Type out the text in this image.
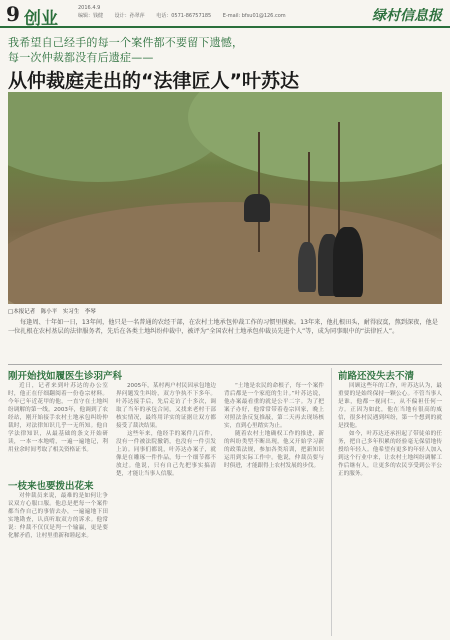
9 创业
2016.4.9
编辑：钱健 设计：孙翠萍 电话：0571-86757185 E-mail: bfsu01@126.com	绿村信息报
我希望自己经手的每一个案件都不要留下遗憾，
每一次仲裁都没有后遗症——
从仲裁庭走出的“法律匠人”叶苏达
□本报记者　陈小平　实习生　李琴
每逢周、十年如一日，13年间，他只是一名普通的农经干部，在农村土地承包仲裁工作的习惯里摸索。13年来，他扎根田头，耐得寂寞，熬到深夜，他是一位扎根在农村基层的法律服务者，先后在各类土地纠纷仲裁中，被评为“全国农村土地承包仲裁员先进个人”等，成为同事眼中的“法律匠人”。
刚开始找如履医生诊羽产科

近日，记者来到叶苏达的办公室时，他正在仔细翻阅着一份卷宗材料。今年已年近花甲的他，一直守在土地纠纷调解的第一线。2003年，他调到了农经站，刚开始接手农村土地承包纠纷仲裁时，对法律知识几乎一无所知。他自学法律知识，从最基础的条文开始研读，一本一本地啃，一遍一遍地记，利用业余时间考取了相关资格证书。

2005年，某村两户村民因承包地边界问题发生纠纷，双方争执不下多年。叶苏达接手后，先后走访了十多次，调取了当年的承包合同，又找来老村干部核实情况，最终用详实的证据让双方都接受了裁决结果。

这些年来，他经手的案件几百件，没有一件被法院撤销，也没有一件引发上访。同事们都说，叶苏达办案子，就像是在雕琢一件作品，每一个细节都不放过。他说，只有自己先把事实搞清楚，才能让当事人信服。

“土地是农民的命根子，每一个案件背后都是一个家庭的生计。”叶苏达说，他办案最看重的就是公平二字。为了把案子办好，他常常带着卷宗回家，晚上对照法条反复推敲，第二天再去现场核实，直到心里踏实为止。

随着农村土地确权工作的推进，新的纠纷类型不断出现，他又开始学习新的政策法规，参加各类培训，把新知识运用到实际工作中。他说，仲裁员要与时俱进，才能跟得上农村发展的步伐。

一枝来也要拨出花来

对仲裁员来说，最难的是如何让争议双方心服口服。他总是把每一个案件都当作自己的事情去办，一遍遍地下田实地勘查，认真听取双方的诉求。他常说：仲裁不仅仅是判一个输赢，更是要化解矛盾，让村里重新和睦起来。

前路还没失去不清

回顾这些年的工作，叶苏达认为，最重要的是始终保持一颗公心。不管当事人是谁，他都一视同仁，从不偏袒任何一方。正因为如此，他在当地有很高的威信，很多村民遇到纠纷，第一个想到的就是找他。

如今，叶苏达还承担起了带徒弟的任务，把自己多年积累的经验毫无保留地传授给年轻人。他希望有更多的年轻人加入到这个行业中来，让农村土地纠纷调解工作后继有人，让更多的农民享受到公平公正的服务。
